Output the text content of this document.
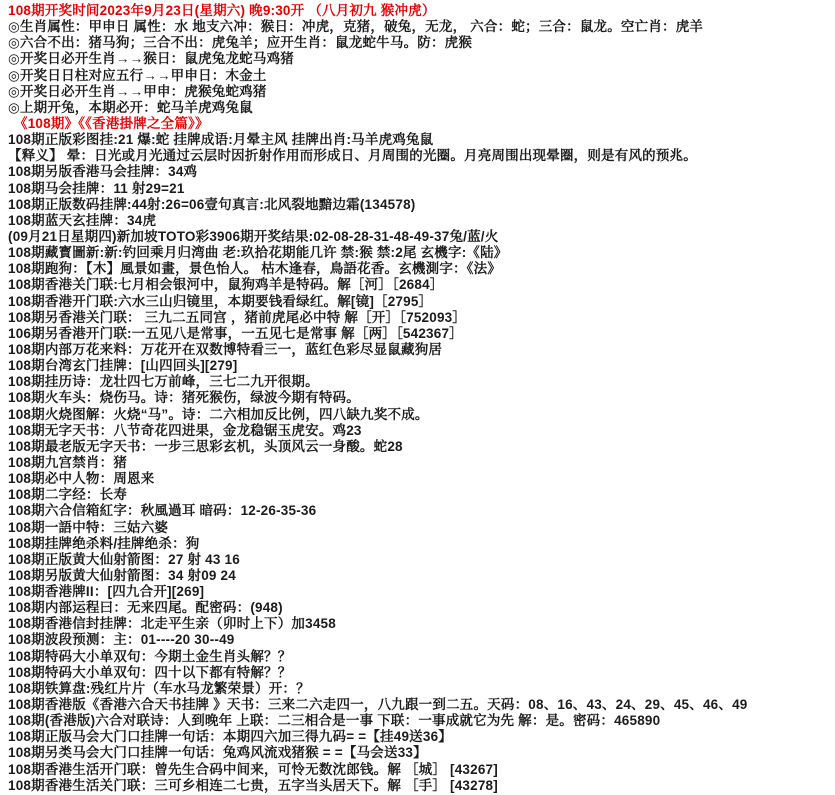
108期开奖时间2023年9月23日(星期六) 晚9:30开 （八月初九 猴冲虎）
◎生肖属性：甲申日 属性：水 地支六冲：猴日：冲虎，克猪，破兔，无龙， 六合：蛇；三合：鼠龙。空亡肖：虎羊
◎六合不出：猪马狗；三合不出：虎兔羊；应开生肖：鼠龙蛇牛马。防：虎猴
◎开奖日必开生肖→→猴日：鼠虎兔龙蛇马鸡猪
◎开奖日日柱对应五行→→甲申日：木金土
◎开奖日必开生肖→→甲申：虎猴兔蛇鸡猪
◎上期开兔，本期必开：蛇马羊虎鸡兔鼠
《108期》《《香港掛牌之全篇》》
108期正版彩图挂:21 爆:蛇 挂牌成语:月晕主风 挂牌出肖:马羊虎鸡兔鼠
【释义】 晕：日光或月光通过云层时因折射作用而形成日、月周围的光圈。月亮周围出现晕圈，则是有风的预兆。
108期另版香港马会挂牌：34鸡
108期马会挂牌：11 射29=21
108期正版数码挂牌:44射:26=06壹句真言:北风裂地黯边霜(134578)
108期蓝天玄挂牌：34虎
(09月21日星期四)新加坡TOTO彩3906期开奖结果:02-08-28-31-48-49-37兔/蓝/火
108期藏寳圖新:新:钓回乘月归湾曲 老:玖拾花期能几许 禁:猴 禁:2尾 玄機字:《陆》
108期跑狗：【木】風景如畫，景色怡人。 枯木逢春，鳥語花香。玄機測字：《法》
108期香港关门联:七月相会银河中，鼠狗鸡羊是特码。解［河］［2684］
108期香港开门联:六水三山归镜里，本期要钱看绿红。解[镜]［2795］
108期另香港关门联： 三九二五同宫 ，猪前虎尾必中特 解［开］［752093］
106期另香港开门联:一五见八是常事，一五见七是常事 解［两］［542367］
108期内部万花来料：万花开在双数博特看三一，蓝红色彩尽显鼠藏狗居
108期台湾玄门挂牌：[山四回头][279]
108期挂历诗：龙壮四七万前峰，三七二九开很期。
108期火车头：烧伤马。诗：猪死猴伤，绿波今期有特码。
108期火烧图解：火烧“马”。诗：二六相加反比例，四八缺九奖不成。
108期无字天书：八节奇花四进果，金龙稳锯玉虎安。鸡23
108期最老版无字天书：一步三思彩玄机，头顶风云一身酸。蛇28
108期九宫禁肖：猪
108期必中人物：周恩来
108期二字经：长寿
108期六合信箱紅字：秋風過耳 暗码：12-26-35-36
108期一語中特：三姑六婆
108期挂牌绝杀料/挂牌绝杀：狗
108期正版黄大仙射箭图：27 射 43 16
108期另版黄大仙射箭图：34 射09 24
108期香港牌II：[四九合开][269]
108期内部运程曰：无来四尾。配密码：(948)
108期香港信封挂牌：北走平生亲（卯时上下）加3458
108期波段预测：主：01----20 30--49
108期特码大小单双句：今期土金生肖头解？？
108期特码大小单双句：四十以下都有特解？？
108期铁算盘:残红片片（车水马龙繁荣景）开：？
108期香港版《香港六合天书挂牌 》天书：三来二六走四一，八九跟一到二五。天码：08、16、43、24、29、45、46、49
108期(香港版)六合对联诗：人到晚年 上联：二三相合是一事 下联：一事成就它为先 解：是。密码：465890
108期正版马会大门口挂牌一句话：本期四六加三得九码= =【挂49送36】
108期另类马会大门口挂牌一句话：兔鸡风流戏猪猴 = =【马会送33】
108期香港生活开门联：曾先生合码中间来，可怜无数沈郎钱。解 ［城］ [43267]
108期香港生活关门联：三可乡相连二七贵，五字当头居天下。解 ［手］ [43278]
